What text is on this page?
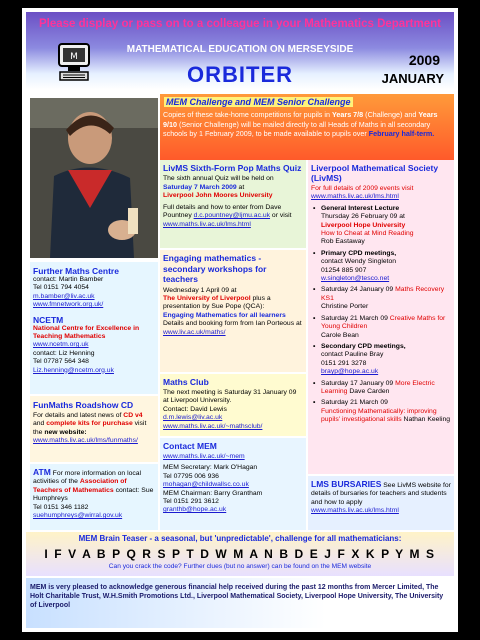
Please display or pass on to a colleague in your Mathematics Department
MATHEMATICAL EDUCATION ON MERSEYSIDE
ORBITER
2009
JANUARY
M
MEM Challenge and MEM Senior Challenge
Copies of these take-home competitions for pupils in Years 7/8 (Challenge) and Years 9/10 (Senior Challenge) will be mailed directly to all Heads of Maths in all secondary schools by 1 February 2009, to be made available to pupils over February half-term.
LivMS Sixth-Form Pop Maths Quiz
The sixth annual Quiz will be held on
Saturday 7 March 2009 at
Liverpool John Moores University

Full details and how to enter from Dave Pountney d.c.pountney@ljmu.ac.uk or visit
www.maths.liv.ac.uk/lms.html
Liverpool Mathematical Society (LivMS)
For full details of 2009 events visit
www.maths.liv.ac.uk/lms.html
• General Interest Lecture
Thursday 26 February 09 at
Liverpool Hope University
How to Cheat at Mind Reading
Rob Eastaway
• Primary CPD meetings,
contact Wendy Singleton
01254 885 907
w.singleton@tesco.net
• Saturday 24 January 09 Maths Recovery KS1
Christine Porter
• Saturday 21 March 09 Creative Maths for Young Children
Carole Bean
• Secondary CPD meetings,
contact Pauline Bray
0151 291 3278
brayp@hope.ac.uk
• Saturday 17 January 09 More Electric Learning Dave Carden
• Saturday 21 March 09
Functioning Mathematically: improving pupils' investigational skills Nathan Keeling
Further Maths Centre
contact: Martin Bamber
Tel 0151 794 4054
m.bamber@liv.ac.uk
www.fmnetwork.org.uk/
NCETM
National Centre for Excellence in Teaching Mathematics
www.ncetm.org.uk
contact: Liz Henning
Tel 07787 564 348
Liz.henning@ncetm.org.uk
Engaging mathematics - secondary workshops for teachers
Wednesday 1 April 09 at
The University of Liverpool plus a presentation by Sue Pope (QCA):
Engaging Mathematics for all learners
Details and booking form from Ian Porteous at www.liv.ac.uk/maths/
Maths Club
The next meeting is Saturday 31 January 09 at Liverpool University.
Contact: David Lewis
d.m.lewis@liv.ac.uk
www.maths.liv.ac.uk/~mathsclub/
FunMaths Roadshow CD
For details and latest news of CD v4 and complete kits for purchase visit the new website:
www.maths.liv.ac.uk/lms/funmaths/
Contact MEM
www.maths.liv.ac.uk/~mem
MEM Secretary: Mark O'Hagan
Tel 07795 006 936
mohagan@childwallsc.co.uk
MEM Chairman: Barry Grantham
Tel 0151 291 3612
granthb@hope.ac.uk
ATM For more information on local activities of the Association of Teachers of Mathematics contact: Sue Humphreys
Tel 0151 346 1182
suehumphreys@wirral.gov.uk
LMS BURSARIES See LivMS website for details of bursaries for teachers and students and how to apply www.maths.liv.ac.uk/lms.html
MEM Brain Teaser - a seasonal, but 'unpredictable', challenge for all mathematicians:
I F V A B P Q R S P T D W M A N B D E J F X K P Y M S
Can you crack the code? Further clues (but no answer) can be found on the MEM website
MEM is very pleased to acknowledge generous financial help received during the past 12 months from Mercer Limited, The Holt Charitable Trust, W.H.Smith Promotions Ltd., Liverpool Mathematical Society, Liverpool Hope University, The University of Liverpool
